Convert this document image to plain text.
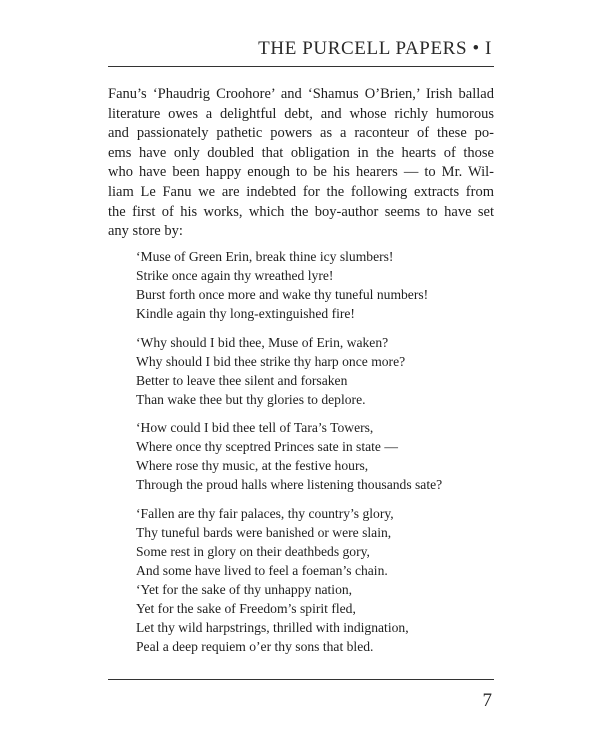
THE PURCELL PAPERS • I
Fanu’s ‘Phaudrig Croohore’ and ‘Shamus O’Brien,’ Irish ballad
literature owes a delightful debt, and whose richly humorous
and passionately pathetic powers as a raconteur of these po-
ems have only doubled that obligation in the hearts of those
who have been happy enough to be his hearers — to Mr. Wil-
liam Le Fanu we are indebted for the following extracts from
the first of his works, which the boy-author seems to have set
any store by:
‘Muse of Green Erin, break thine icy slumbers!
Strike once again thy wreathed lyre!
Burst forth once more and wake thy tuneful numbers!
Kindle again thy long-extinguished fire!
‘Why should I bid thee, Muse of Erin, waken?
Why should I bid thee strike thy harp once more?
Better to leave thee silent and forsaken
Than wake thee but thy glories to deplore.
‘How could I bid thee tell of Tara’s Towers,
Where once thy sceptred Princes sate in state —
Where rose thy music, at the festive hours,
Through the proud halls where listening thousands sate?
‘Fallen are thy fair palaces, thy country’s glory,
Thy tuneful bards were banished or were slain,
Some rest in glory on their deathbeds gory,
And some have lived to feel a foeman’s chain.
‘Yet for the sake of thy unhappy nation,
Yet for the sake of Freedom’s spirit fled,
Let thy wild harpstrings, thrilled with indignation,
Peal a deep requiem o’er thy sons that bled.
7
